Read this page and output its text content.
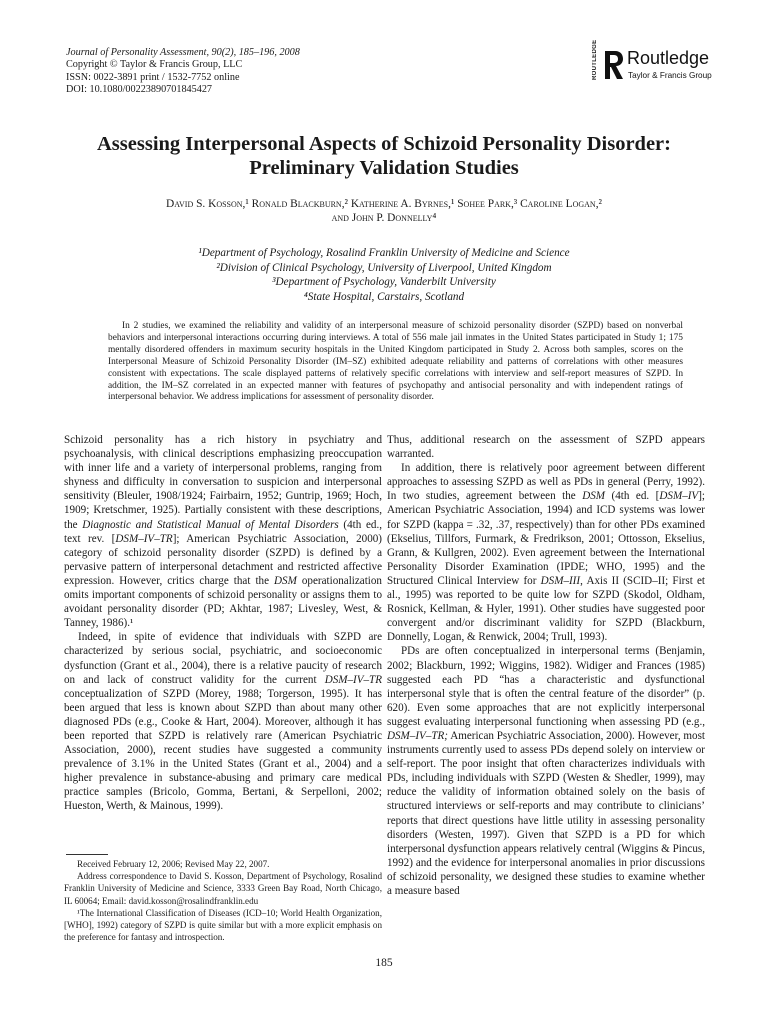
Journal of Personality Assessment, 90(2), 185–196, 2008
Copyright © Taylor & Francis Group, LLC
ISSN: 0022-3891 print / 1532-7752 online
DOI: 10.1080/00223890701845427
ROUTLEDGE Routledge
Taylor & Francis Group
Assessing Interpersonal Aspects of Schizoid Personality Disorder:
Preliminary Validation Studies
David S. Kosson,¹ Ronald Blackburn,² Katherine A. Byrnes,¹ Sohee Park,³ Caroline Logan,²
and John P. Donnelly⁴
¹Department of Psychology, Rosalind Franklin University of Medicine and Science
²Division of Clinical Psychology, University of Liverpool, United Kingdom
³Department of Psychology, Vanderbilt University
⁴State Hospital, Carstairs, Scotland
In 2 studies, we examined the reliability and validity of an interpersonal measure of schizoid personality disorder (SZPD) based on nonverbal behaviors and interpersonal interactions occurring during interviews. A total of 556 male jail inmates in the United States participated in Study 1; 175 mentally disordered offenders in maximum security hospitals in the United Kingdom participated in Study 2. Across both samples, scores on the Interpersonal Measure of Schizoid Personality Disorder (IM–SZ) exhibited adequate reliability and patterns of correlations with other measures consistent with expectations. The scale displayed patterns of relatively specific correlations with interview and self-report measures of SZPD. In addition, the IM–SZ correlated in an expected manner with features of psychopathy and antisocial personality and with independent ratings of interpersonal behavior. We address implications for assessment of personality disorder.

Schizoid personality has a rich history in psychiatry and psychoanalysis, with clinical descriptions emphasizing preoccupation with inner life and a variety of interpersonal problems, ranging from shyness and difficulty in conversation to suspicion and interpersonal sensitivity (Bleuler, 1908/1924; Fairbairn, 1952; Guntrip, 1969; Hoch, 1909; Kretschmer, 1925). Partially consistent with these descriptions, the Diagnostic and Statistical Manual of Mental Disorders (4th ed., text rev. [DSM–IV–TR]; American Psychiatric Association, 2000) category of schizoid personality disorder (SZPD) is defined by a pervasive pattern of interpersonal detachment and restricted affective expression. However, critics charge that the DSM operationalization omits important components of schizoid personality or assigns them to avoidant personality disorder (PD; Akhtar, 1987; Livesley, West, & Tanney, 1986).¹

Indeed, in spite of evidence that individuals with SZPD are characterized by serious social, psychiatric, and socioeconomic dysfunction (Grant et al., 2004), there is a relative paucity of research on and lack of construct validity for the current DSM–IV–TR conceptualization of SZPD (Morey, 1988; Torgerson, 1995). It has been argued that less is known about SZPD than about many other diagnosed PDs (e.g., Cooke & Hart, 2004). Moreover, although it has been reported that SZPD is relatively rare (American Psychiatric Association, 2000), recent studies have suggested a community prevalence of 3.1% in the United States (Grant et al., 2004) and a higher prevalence in substance-abusing and primary care medical practice samples (Bricolo, Gomma, Bertani, & Serpelloni, 2002; Hueston, Werth, & Mainous, 1999).

Thus, additional research on the assessment of SZPD appears warranted.

In addition, there is relatively poor agreement between different approaches to assessing SZPD as well as PDs in general (Perry, 1992). In two studies, agreement between the DSM (4th ed. [DSM–IV]; American Psychiatric Association, 1994) and ICD systems was lower for SZPD (kappa = .32, .37, respectively) than for other PDs examined (Ekselius, Tillfors, Furmark, & Fredrikson, 2001; Ottosson, Ekselius, Grann, & Kullgren, 2002). Even agreement between the International Personality Disorder Examination (IPDE; WHO, 1995) and the Structured Clinical Interview for DSM–III, Axis II (SCID–II; First et al., 1995) was reported to be quite low for SZPD (Skodol, Oldham, Rosnick, Kellman, & Hyler, 1991). Other studies have suggested poor convergent and/or discriminant validity for SZPD (Blackburn, Donnelly, Logan, & Renwick, 2004; Trull, 1993).

PDs are often conceptualized in interpersonal terms (Benjamin, 2002; Blackburn, 1992; Wiggins, 1982). Widiger and Frances (1985) suggested each PD “has a characteristic and dysfunctional interpersonal style that is often the central feature of the disorder” (p. 620). Even some approaches that are not explicitly interpersonal suggest evaluating interpersonal functioning when assessing PD (e.g., DSM–IV–TR; American Psychiatric Association, 2000). However, most instruments currently used to assess PDs depend solely on interview or self-report. The poor insight that often characterizes individuals with PDs, including individuals with SZPD (Westen & Shedler, 1999), may reduce the validity of information obtained solely on the basis of structured interviews or self-reports and may contribute to clinicians’ reports that direct questions have little utility in assessing personality disorders (Westen, 1997). Given that SZPD is a PD for which interpersonal dysfunction appears relatively central (Wiggins & Pincus, 1992) and the evidence for interpersonal anomalies in prior discussions of schizoid personality, we designed these studies to examine whether a measure based

Received February 12, 2006; Revised May 22, 2007.

Address correspondence to David S. Kosson, Department of Psychology, Rosalind Franklin University of Medicine and Science, 3333 Green Bay Road, North Chicago, IL 60064; Email: david.kosson@rosalindfranklin.edu

¹The International Classification of Diseases (ICD–10; World Health Organization, [WHO], 1992) category of SZPD is quite similar but with a more explicit emphasis on the preference for fantasy and introspection.

185
